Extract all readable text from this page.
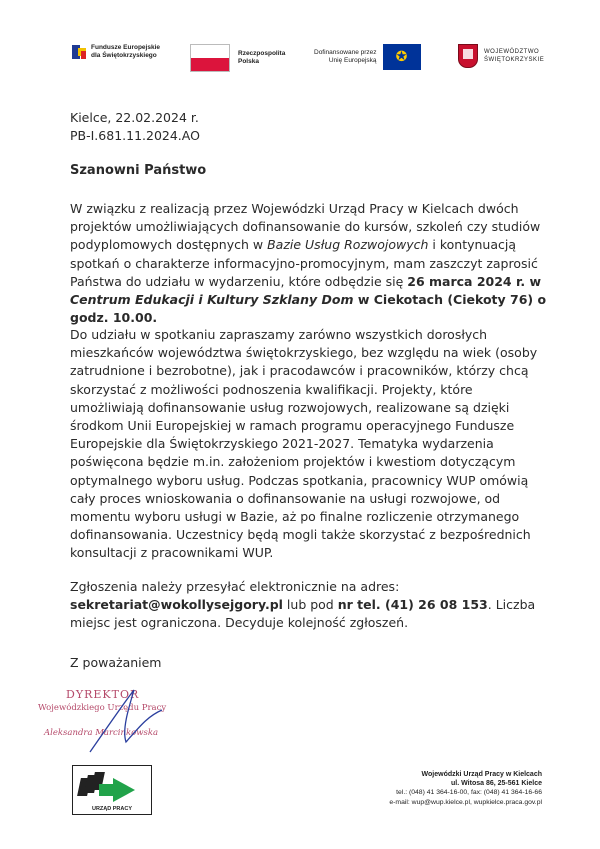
Fundusze Europejskie
dla Świętokrzyskiego	Rzeczpospolita
Polska
Dofinansowane przez
Unię Europejską	✪	WOJEWÓDZTWO
ŚWIĘTOKRZYSKIE
Kielce, 22.02.2024 r.
PB-I.681.11.2024.AO
Szanowni Państwo

W związku z realizacją przez Wojewódzki Urząd Pracy w Kielcach dwóch projektów umożliwiających dofinansowanie do kursów, szkoleń czy studiów podyplomowych dostępnych w Bazie Usług Rozwojowych i kontynuacją spotkań o charakterze informacyjno-promocyjnym, mam zaszczyt zaprosić Państwa do udziału w wydarzeniu, które odbędzie się 26 marca 2024 r. w Centrum Edukacji i Kultury Szklany Dom w Ciekotach (Ciekoty 76) o godz. 10.00.

Do udziału w spotkaniu zapraszamy zarówno wszystkich dorosłych mieszkańców województwa świętokrzyskiego, bez względu na wiek (osoby zatrudnione i bezrobotne), jak i pracodawców i pracowników, którzy chcą skorzystać z możliwości podnoszenia kwalifikacji. Projekty, które umożliwiają dofinansowanie usług rozwojowych, realizowane są dzięki środkom Unii Europejskiej w ramach programu operacyjnego Fundusze Europejskie dla Świętokrzyskiego 2021-2027. Tematyka wydarzenia poświęcona będzie m.in. założeniom projektów i kwestiom dotyczącym optymalnego wyboru usług. Podczas spotkania, pracownicy WUP omówią cały proces wnioskowania o dofinansowanie na usługi rozwojowe, od momentu wyboru usługi w Bazie, aż po finalne rozliczenie otrzymanego dofinansowania. Uczestnicy będą mogli także skorzystać z bezpośrednich konsultacji z pracownikami WUP.

Zgłoszenia należy przesyłać elektronicznie na adres: sekretariat@wokollysejgory.pl lub pod nr tel. (41) 26 08 153. Liczba miejsc jest ograniczona. Decyduje kolejność zgłoszeń.

Z poważaniem
DYREKTOR
Wojewódzkiego Urzędu Pracy
Aleksandra Marcinkowska
URZĄD PRACY
Wojewódzki Urząd Pracy w Kielcach
ul. Witosa 86, 25-561 Kielce
tel.: (048) 41 364-16-00, fax: (048) 41 364-16-66
e-mail: wup@wup.kielce.pl, wupkielce.praca.gov.pl
